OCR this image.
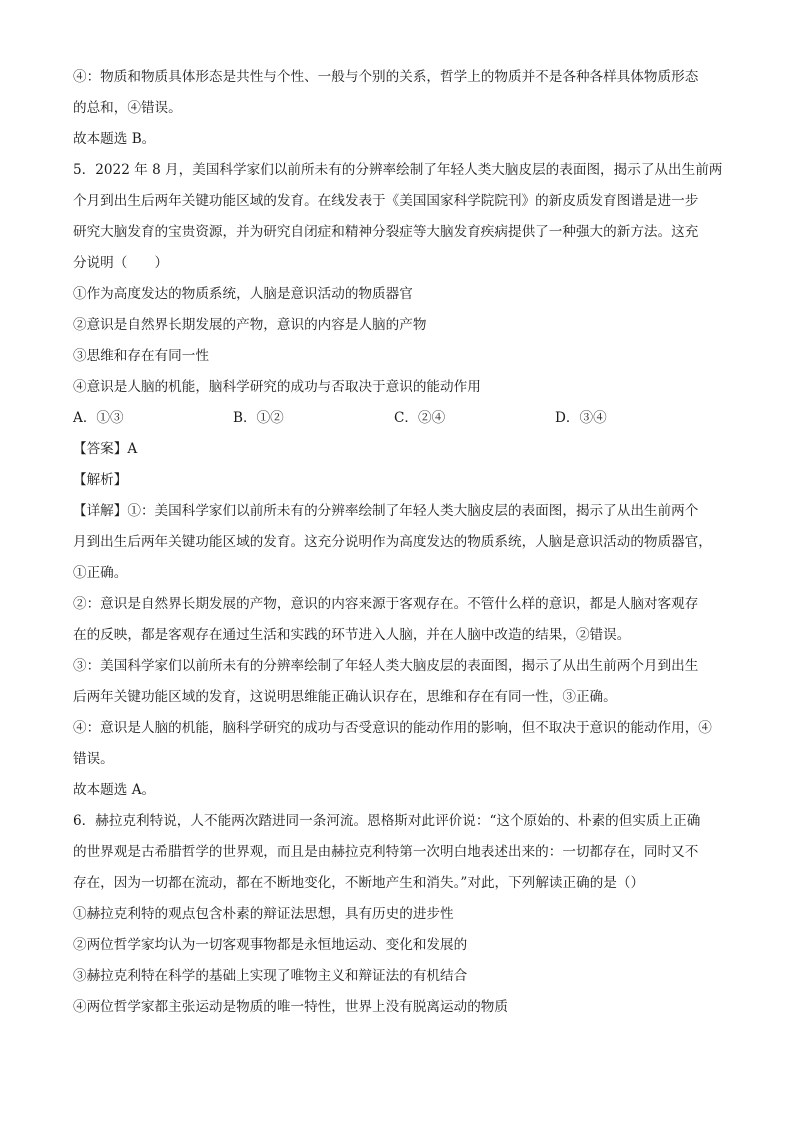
④：物质和物质具体形态是共性与个性、一般与个别的关系，哲学上的物质并不是各种各样具体物质形态
的总和，④错误。
故本题选 B。
5．2022 年 8 月，美国科学家们以前所未有的分辨率绘制了年轻人类大脑皮层的表面图，揭示了从出生前两
个月到出生后两年关键功能区域的发育。在线发表于《美国国家科学院院刊》的新皮质发育图谱是进一步
研究大脑发育的宝贵资源，并为研究自闭症和精神分裂症等大脑发育疾病提供了一种强大的新方法。这充
分说明（　　）
①作为高度发达的物质系统，人脑是意识活动的物质器官
②意识是自然界长期发展的产物，意识的内容是人脑的产物
③思维和存在有同一性
④意识是人脑的机能，脑科学研究的成功与否取决于意识的能动作用
A．①③	B．①②	C．②④	D．③④
【答案】A
【解析】
【详解】①：美国科学家们以前所未有的分辨率绘制了年轻人类大脑皮层的表面图，揭示了从出生前两个
月到出生后两年关键功能区域的发育。这充分说明作为高度发达的物质系统，人脑是意识活动的物质器官，
①正确。
②：意识是自然界长期发展的产物，意识的内容来源于客观存在。不管什么样的意识，都是人脑对客观存
在的反映，都是客观存在通过生活和实践的环节进入人脑，并在人脑中改造的结果，②错误。
③：美国科学家们以前所未有的分辨率绘制了年轻人类大脑皮层的表面图，揭示了从出生前两个月到出生
后两年关键功能区域的发育，这说明思维能正确认识存在，思维和存在有同一性，③正确。
④：意识是人脑的机能，脑科学研究的成功与否受意识的能动作用的影响，但不取决于意识的能动作用，④
错误。
故本题选 A。
6．赫拉克利特说，人不能两次踏进同一条河流。恩格斯对此评价说：“这个原始的、朴素的但实质上正确
的世界观是古希腊哲学的世界观，而且是由赫拉克利特第一次明白地表述出来的：一切都存在，同时又不
存在，因为一切都在流动，都在不断地变化，不断地产生和消失。”对此，下列解读正确的是（）
①赫拉克利特的观点包含朴素的辩证法思想，具有历史的进步性
②两位哲学家均认为一切客观事物都是永恒地运动、变化和发展的
③赫拉克利特在科学的基础上实现了唯物主义和辩证法的有机结合
④两位哲学家都主张运动是物质的唯一特性，世界上没有脱离运动的物质
